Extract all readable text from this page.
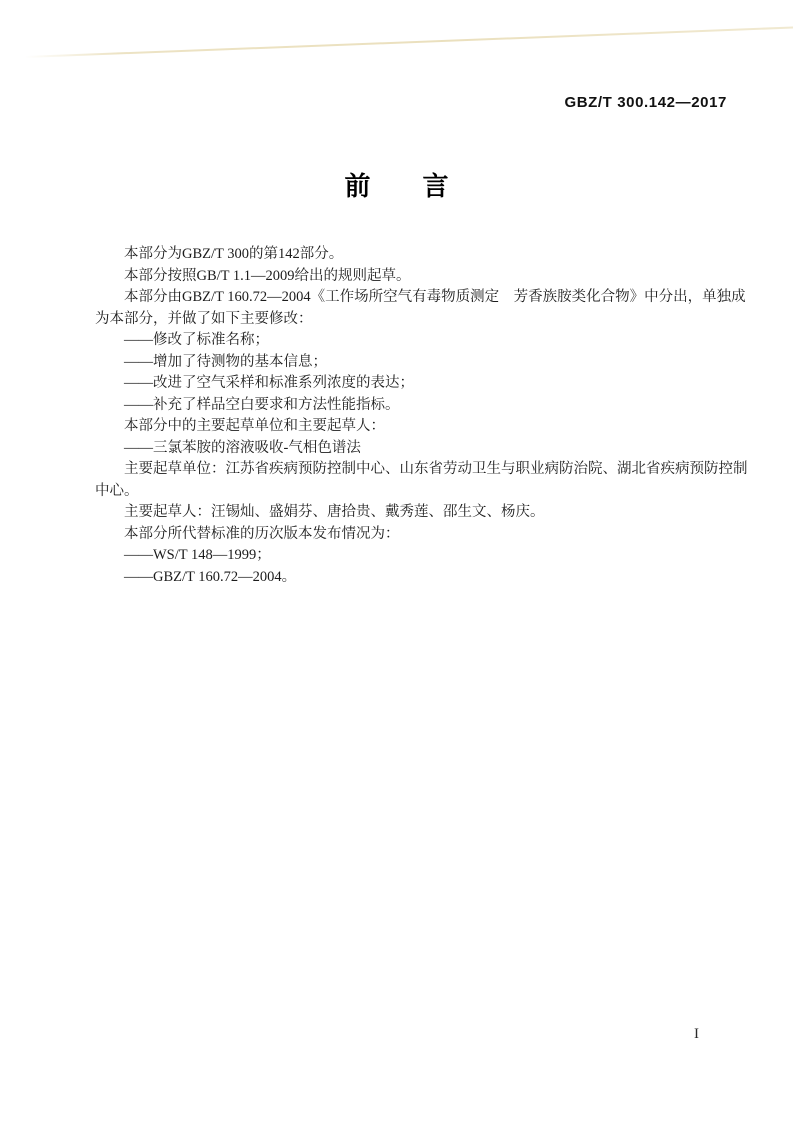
GBZ/T 300.142—2017
前　　言
本部分为GBZ/T 300的第142部分。
本部分按照GB/T 1.1—2009给出的规则起草。
本部分由GBZ/T 160.72—2004《工作场所空气有毒物质测定　芳香族胺类化合物》中分出，单独成
为本部分，并做了如下主要修改：
——修改了标准名称；
——增加了待测物的基本信息；
——改进了空气采样和标准系列浓度的表达；
——补充了样品空白要求和方法性能指标。
本部分中的主要起草单位和主要起草人：
——三氯苯胺的溶液吸收-气相色谱法
主要起草单位：江苏省疾病预防控制中心、山东省劳动卫生与职业病防治院、湖北省疾病预防控制
中心。
主要起草人：汪锡灿、盛娟芬、唐拾贵、戴秀莲、邵生文、杨庆。
本部分所代替标准的历次版本发布情况为：
——WS/T 148—1999；
——GBZ/T 160.72—2004。
I
